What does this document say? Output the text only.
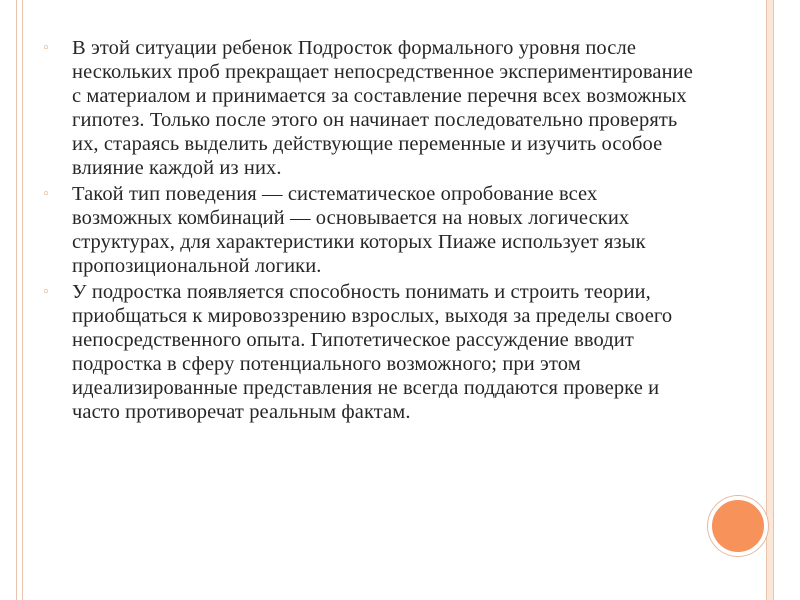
◦	В этой ситуации ребенок Подросток формального уровня после нескольких проб прекращает непосредственное экспериментирование с материалом и принимается за составление перечня всех возможных гипотез. Только после этого он начинает последовательно проверять их, стараясь выделить действующие переменные и изучить особое влияние каждой из них.
◦	Такой тип поведения — систематическое опробование всех возможных комбинаций — основывается на новых логических структурах, для характеристики которых Пиаже использует язык пропозициональной логики.
◦	У подростка появляется способность понимать и строить теории, приобщаться к мировоззрению взрослых, выходя за пределы своего непосредственного опыта. Гипотетическое рассуждение вводит подростка в сферу потенциального возможного; при этом идеализированные представления не всегда поддаются проверке и часто противоречат реальным фактам.
